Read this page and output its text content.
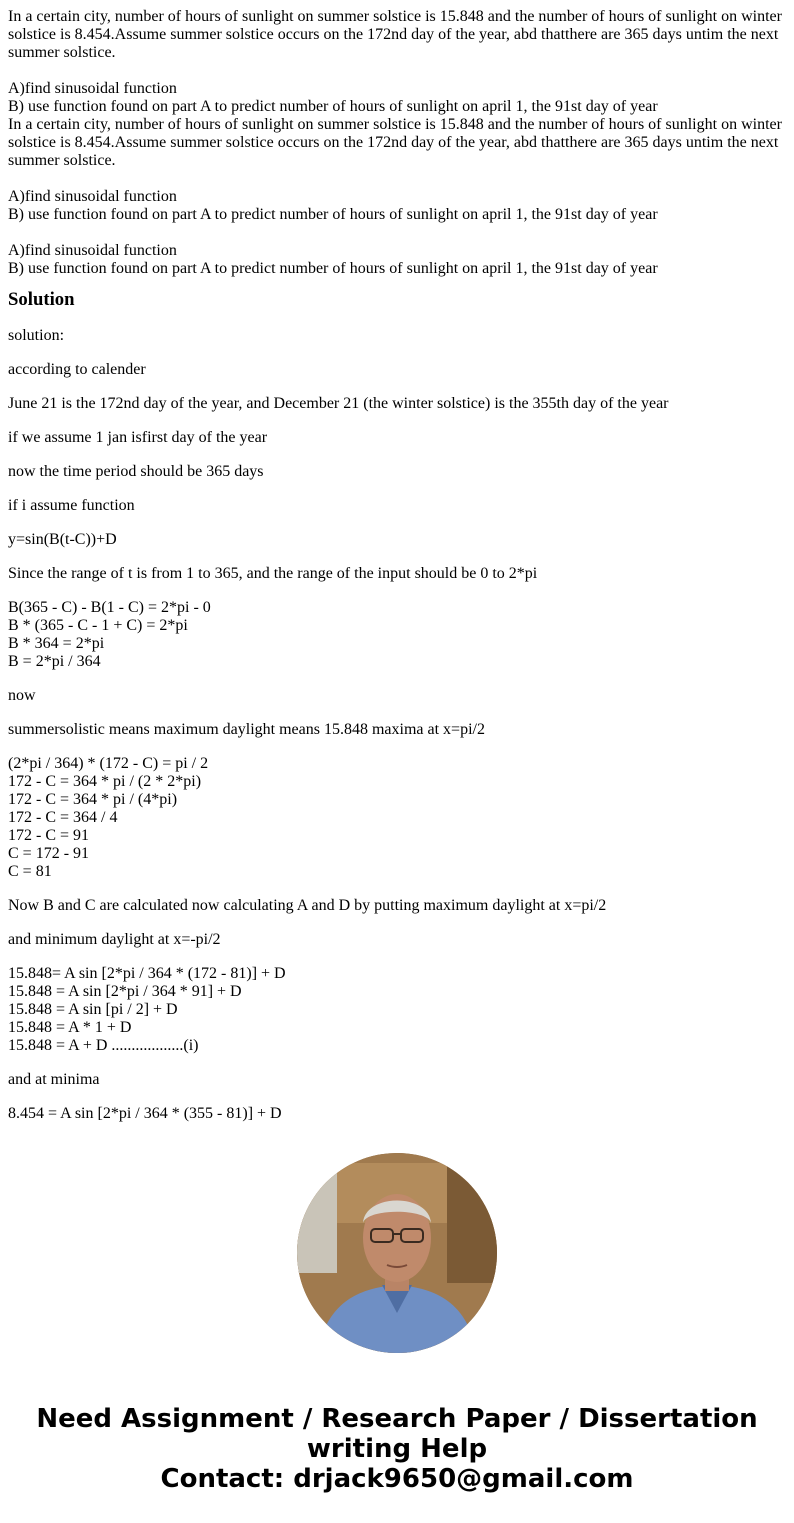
In a certain city, number of hours of sunlight on summer solstice is 15.848 and the number of hours of sunlight on winter
solstice is 8.454.Assume summer solstice occurs on the 172nd day of the year, abd thatthere are 365 days untim the next
summer solstice.
A)find sinusoidal function
B) use function found on part A to predict number of hours of sunlight on april 1, the 91st day of year
In a certain city, number of hours of sunlight on summer solstice is 15.848 and the number of hours of sunlight on winter
solstice is 8.454.Assume summer solstice occurs on the 172nd day of the year, abd thatthere are 365 days untim the next
summer solstice.
A)find sinusoidal function
B) use function found on part A to predict number of hours of sunlight on april 1, the 91st day of year
A)find sinusoidal function
B) use function found on part A to predict number of hours of sunlight on april 1, the 91st day of year
Solution
solution:
according to calender
June 21 is the 172nd day of the year, and December 21 (the winter solstice) is the 355th day of the year
if we assume 1 jan isfirst day of the year
now the time period should be 365 days
if i assume function
y=sin(B(t-C))+D
Since the range of t is from 1 to 365, and the range of the input should be 0 to 2*pi
B(365 - C) - B(1 - C) = 2*pi - 0
B * (365 - C - 1 + C) = 2*pi
B * 364 = 2*pi
B = 2*pi / 364
now
summersolistic means maximum daylight means 15.848 maxima at x=pi/2
(2*pi / 364) * (172 - C) = pi / 2
172 - C = 364 * pi / (2 * 2*pi)
172 - C = 364 * pi / (4*pi)
172 - C = 364 / 4
172 - C = 91
C = 172 - 91
C = 81
Now B and C are calculated now calculating A and D by putting maximum daylight at x=pi/2
and minimum daylight at x=-pi/2
15.848= A sin [2*pi / 364 * (172 - 81)] + D
15.848 = A sin [2*pi / 364 * 91] + D
15.848 = A sin [pi / 2] + D
15.848 = A * 1 + D
15.848 = A + D ..................(i)
and at minima
8.454 = A sin [2*pi / 364 * (355 - 81)] + D
Need Assignment / Research Paper / Dissertation
writing Help
Contact: drjack9650@gmail.com
